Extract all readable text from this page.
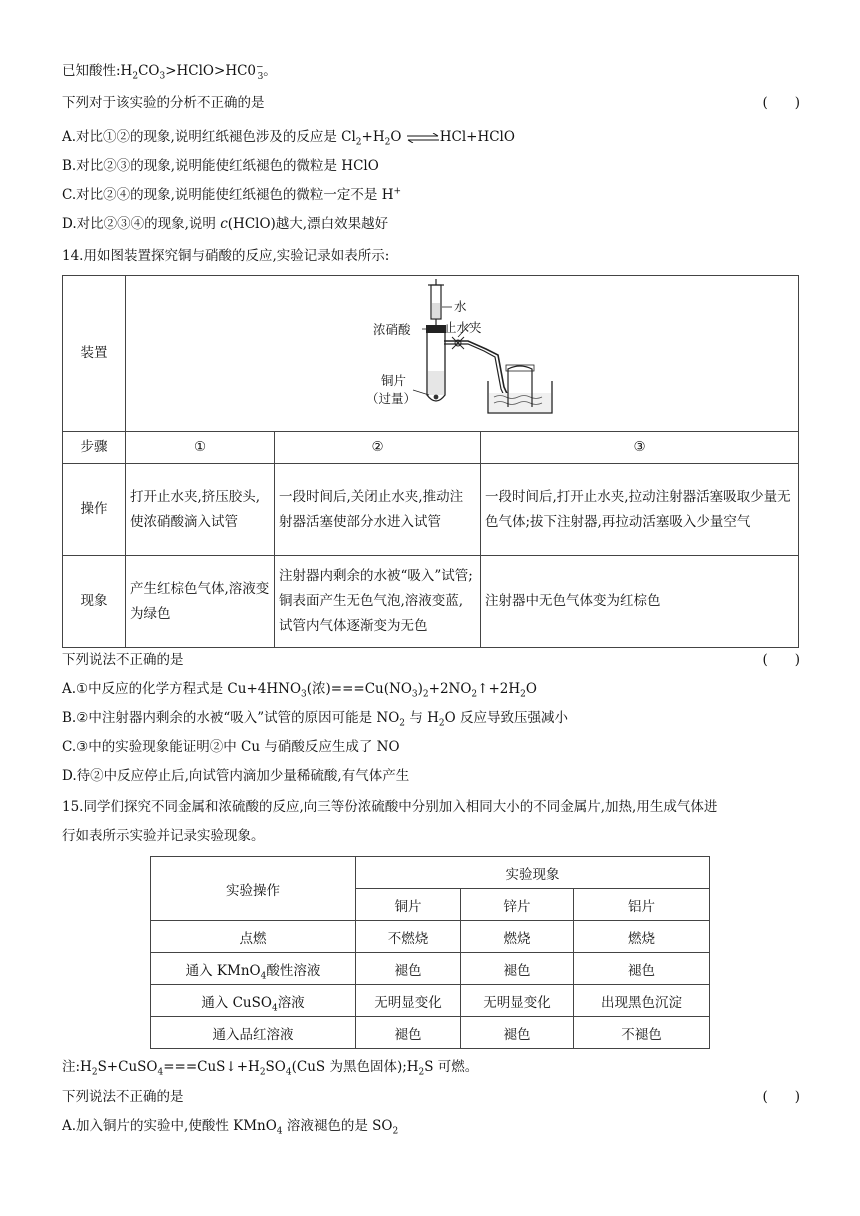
已知酸性$:H_2CO_3>HClO>HC0^-_3$。
下列对于该实验的分析不正确的是	(　　)
A.对比①②的现象,说明红纸褪色涉及的反应是 $Cl_2+H_2O$ ⇌HCl+HClO
B.对比②③的现象,说明能使红纸褪色的微粒是 HClO
C.对比②④的现象,说明能使红纸褪色的微粒一定不是 H+
D.对比②③④的现象,说明 c(HClO)越大,漂白效果越好
14.用如图装置探究铜与硝酸的反应,实验记录如表所示:
装置	水
止水夹
浓硝酸
铜片
（过量）		

步骤	①	②	③
操作	打开止水夹,挤压胶头,使浓硝酸滴入试管	一段时间后,关闭止水夹,推动注射器活塞使部分水进入试管	一段时间后,打开止水夹,拉动注射器活塞吸取少量无色气体;拔下注射器,再拉动活塞吸入少量空气
现象	产生红棕色气体,溶液变为绿色	注射器内剩余的水被“吸入”试管;铜表面产生无色气泡,溶液变蓝,试管内气体逐渐变为无色	注射器中无色气体变为红棕色
下列说法不正确的是	(　　)
A.①中反应的化学方程式是 $Cu+4HNO_3$(浓)$===Cu(NO_3)_2+2NO_2↑+2H_2O$
B.②中注射器内剩余的水被“吸入”试管的原因可能是 $NO_2$ 与 $H_2O$ 反应导致压强减小
C.③中的实验现象能证明②中 Cu 与硝酸反应生成了 NO
D.待②中反应停止后,向试管内滴加少量稀硫酸,有气体产生
15.同学们探究不同金属和浓硫酸的反应,向三等份浓硫酸中分别加入相同大小的不同金属片,加热,用生成气体进
行如表所示实验并记录实验现象。
实验操作	实验现象		
	铜片	锌片	铝片
点燃	不燃烧	燃烧	燃烧
通入 KMnO$_4$酸性溶液	褪色	褪色	褪色
通入 CuSO$_4$溶液	无明显变化	无明显变化	出现黑色沉淀
通入品红溶液	褪色	褪色	不褪色
注$:H_2S+CuSO_4===CuS↓+H_2SO_4(CuS$ 为黑色固体)$;H_2S$ 可燃。
下列说法不正确的是	(　　)
A.加入铜片的实验中,使酸性 KMnO$_4$ 溶液褪色的是 $SO_2$
